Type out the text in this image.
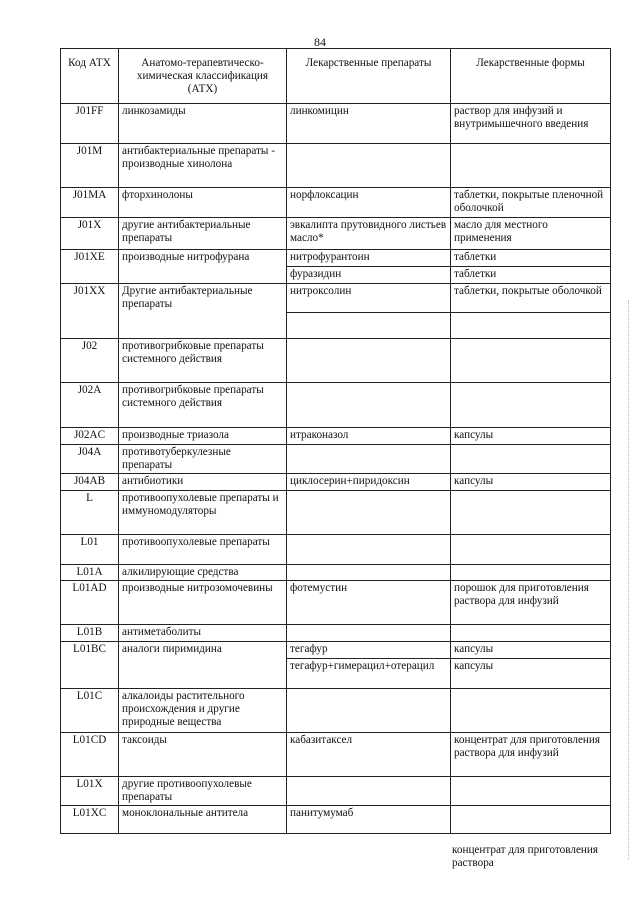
84
Код АТХ	Анатомо-терапевтическо-химическая классификация (АТХ)	Лекарственные препараты	Лекарственные формы
J01FF	линкозамиды	линкомицин	раствор для инфузий и внутримышечного введения
J01M	антибактериальные препараты - производные хинолона		
J01MA	фторхинолоны	норфлоксацин	таблетки, покрытые пленочной оболочкой
J01X	другие антибактериальные препараты	эвкалипта прутовидного листьев масло*	масло для местного применения
J01XE	производные нитрофурана	нитрофурантоин	таблетки
		фуразидин	таблетки
J01XX	Другие антибактериальные препараты	нитроксолин	таблетки, покрытые оболочкой

J02	противогрибковые препараты системного действия		
J02A	противогрибковые препараты системного действия		
J02AC	производные триазола	итраконазол	капсулы
J04A	противотуберкулезные препараты		
J04AB	антибиотики	циклосерин+пиридоксин	капсулы
L	противоопухолевые препараты и иммуномодуляторы		
L01	противоопухолевые препараты		
L01A	алкилирующие средства		
L01AD	производные нитрозомочевины	фотемустин	порошок для приготовления раствора для инфузий
L01B	антиметаболиты		
L01BC	аналоги пиримидина	тегафур	капсулы
		тегафур+гимерацил+отерацил	капсулы
L01C	алкалоиды растительного происхождения и другие природные вещества		
L01CD	таксоиды	кабазитаксел	концентрат для приготовления раствора для инфузий
L01X	другие противоопухолевые препараты		
L01XC	моноклональные антитела	панитумумаб	
концентрат для приготовления раствора
